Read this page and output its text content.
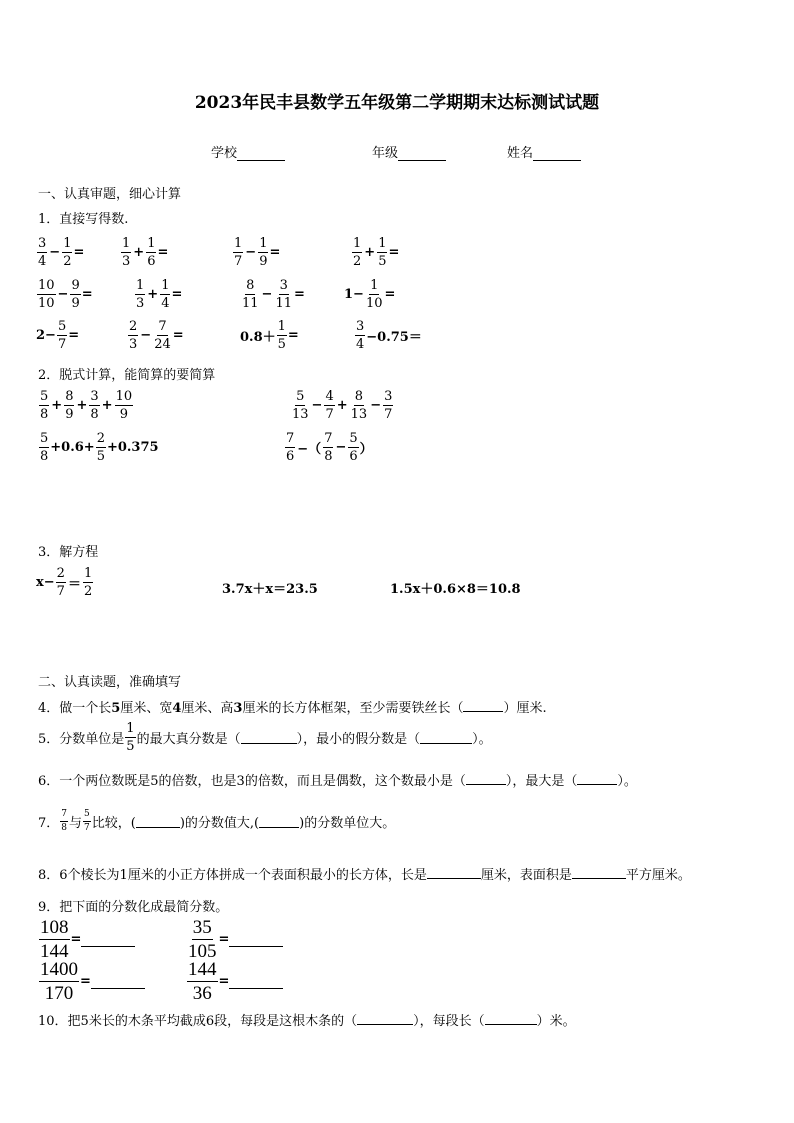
2023年民丰县数学五年级第二学期期末达标测试试题
学校	年级	姓名
一、认真审题，细心计算
1．直接写得数.
$\frac{3}{4} - \frac{1}{2}$ =	$\frac{1}{3} + \frac{1}{6}$ =	$\frac{1}{7} - \frac{1}{9}$ =	$\frac{1}{2} + \frac{1}{5}$ =
$\frac{10}{10} - \frac{9}{9}$ =	$\frac{1}{3} + \frac{1}{4}$ =	$\frac{8}{11} - \frac{3}{11}$ =	$1- \frac{1}{10}$ =
$2- \frac{5}{7}$ =	$\frac{2}{3} - \frac{7}{24}$ =	$0.8+ \frac{1}{5}$ =	$\frac{3}{4} -0.75=$
2．脱式计算，能简算的要简算
$\frac{5}{8} + \frac{8}{9} + \frac{3}{8} + \frac{10}{9}$	$\frac{5}{13} - \frac{4}{7} + \frac{8}{13} - \frac{3}{7}$
$\frac{5}{8} +0.6+ \frac{2}{5} +0.375$	$\frac{7}{6}$ −（ $\frac{7}{8} - \frac{5}{6}$ ）
3．解方程
$x- \frac{2}{7} = \frac{1}{2}$	3.7x＋x＝23.5	1.5x＋0.6×8＝10.8
二、认真读题，准确填写
4．做一个长5厘米、宽4厘米、高3厘米的长方体框架，至少需要铁丝长（	）厘米.
5．分数单位是 $\frac{1}{5}$ 的最大真分数是（	），最小的假分数是（	）。
6．一个两位数既是5的倍数，也是3的倍数，而且是偶数，这个数最小是（	），最大是（	）。
7． $\frac{7}{8}$ 与 $\frac{5}{7}$ 比较，(	)的分数值大,(	)的分数单位大。
8．6个棱长为1厘米的小正方体拼成一个表面积最小的长方体，长是	厘米，表面积是	平方厘米。
9．把下面的分数化成最简分数。
$\frac{108}{144}$ =	$\frac{35}{105}$ =
$\frac{1400}{170}$ =	$\frac{144}{36}$ =
10．把5米长的木条平均截成6段，每段是这根木条的（	），每段长（	）米。
